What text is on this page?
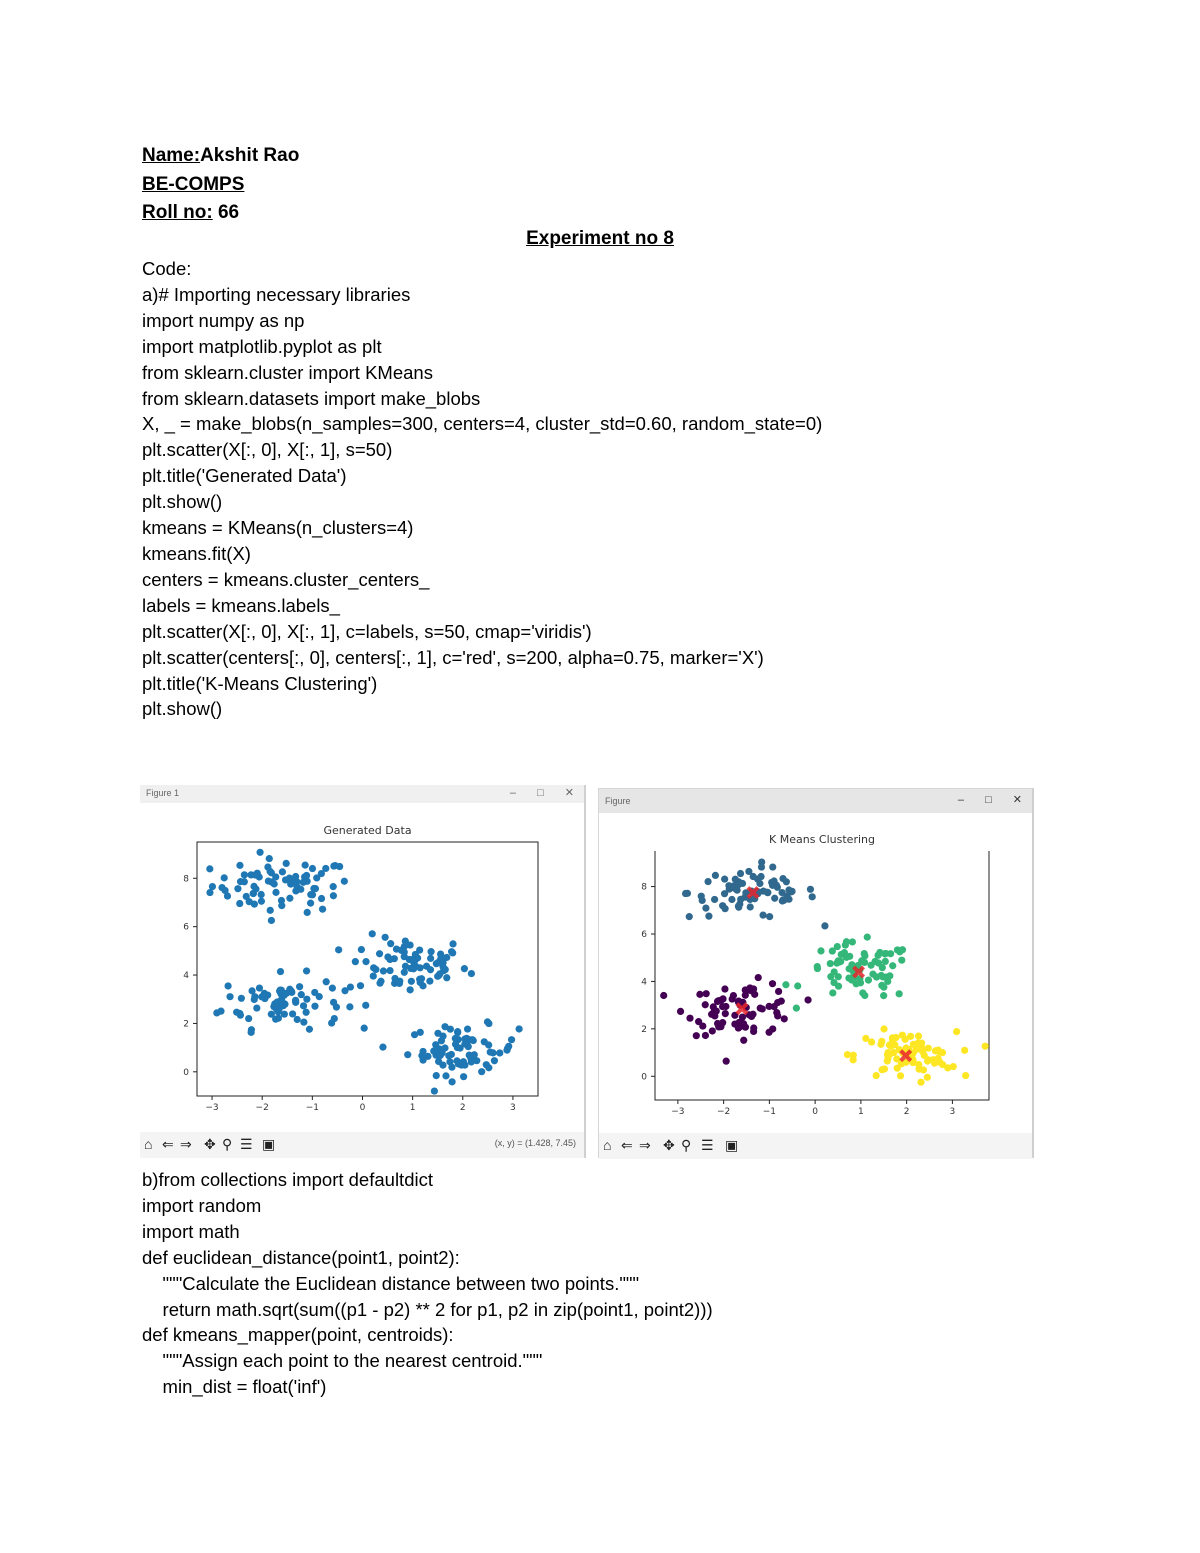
Name:Akshit Rao
BE-COMPS
Roll no: 66
Experiment no 8
Code:
a)# Importing necessary libraries
import numpy as np
import matplotlib.pyplot as plt
from sklearn.cluster import KMeans
from sklearn.datasets import make_blobs
X, _ = make_blobs(n_samples=300, centers=4, cluster_std=0.60, random_state=0)
plt.scatter(X[:, 0], X[:, 1], s=50)
plt.title('Generated Data')
plt.show()
kmeans = KMeans(n_clusters=4)
kmeans.fit(X)
centers = kmeans.cluster_centers_
labels = kmeans.labels_
plt.scatter(X[:, 0], X[:, 1], c=labels, s=50, cmap='viridis')
plt.scatter(centers[:, 0], centers[:, 1], c='red', s=200, alpha=0.75, marker='X')
plt.title('K-Means Clustering')
plt.show()
Figure 1	– □ ✕
Generated Data
−3	−2	−1	0	1	2	3
0
2
4
6
8
⌂ ⇐ ⇒ ✥ ⚲ ☰ ▣	(x, y) = (1.428, 7.45)
Figure	– □ ✕
K Means Clustering
−3	−2	−1	0	1	2	3
0
2
4
6
8
⌂ ⇐ ⇒ ✥ ⚲ ☰ ▣
b)from collections import defaultdict
import random
import math
def euclidean_distance(point1, point2):
"""Calculate the Euclidean distance between two points."""
return math.sqrt(sum((p1 - p2) ** 2 for p1, p2 in zip(point1, point2)))
def kmeans_mapper(point, centroids):
"""Assign each point to the nearest centroid."""
min_dist = float('inf')
